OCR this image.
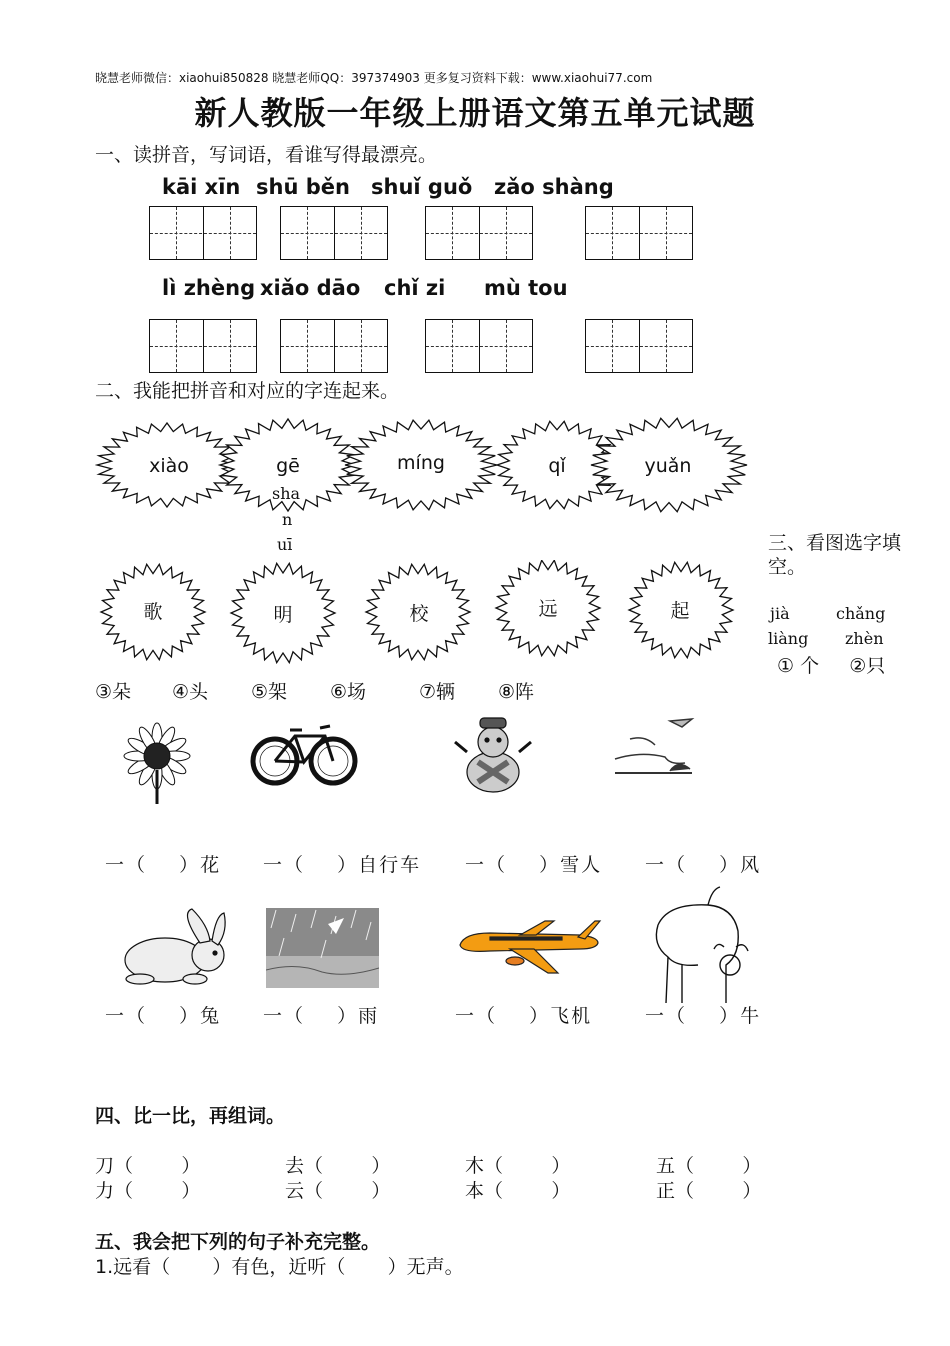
晓慧老师微信：xiaohui850828 晓慧老师QQ：397374903 更多复习资料下载：www.xiaohui77.com
新人教版一年级上册语文第五单元试题
一、读拼音，写词语，看谁写得最漂亮。
kāi xīn shū běn shuǐ guǒ zǎo shàng
lì zhèng xiǎo dāo chǐ zi mù tou
二、我能把拼音和对应的字连起来。
xiào	gē	míng	qǐ	yuǎn
sha
n
uī
歌	明	校	远	起
三、看图选字填
空。
jià	chǎng
liàng zhèn
① 个     ②只
③朵 ④头 ⑤架 ⑥场	⑦辆 ⑧阵
一（    ）花 一（    ）自行车 一（    ）雪人 一（    ）风
一（    ）兔 一（    ）雨	一（    ）飞机	一（    ）牛
四、比一比，再组词。
刀（        ）	去（        ）	木（        ）	五（        ）
力（        ）	云（        ）	本（        ）	正（        ）
五、我会把下列的句子补充完整。
1.远看（       ）有色，近听（       ）无声。
